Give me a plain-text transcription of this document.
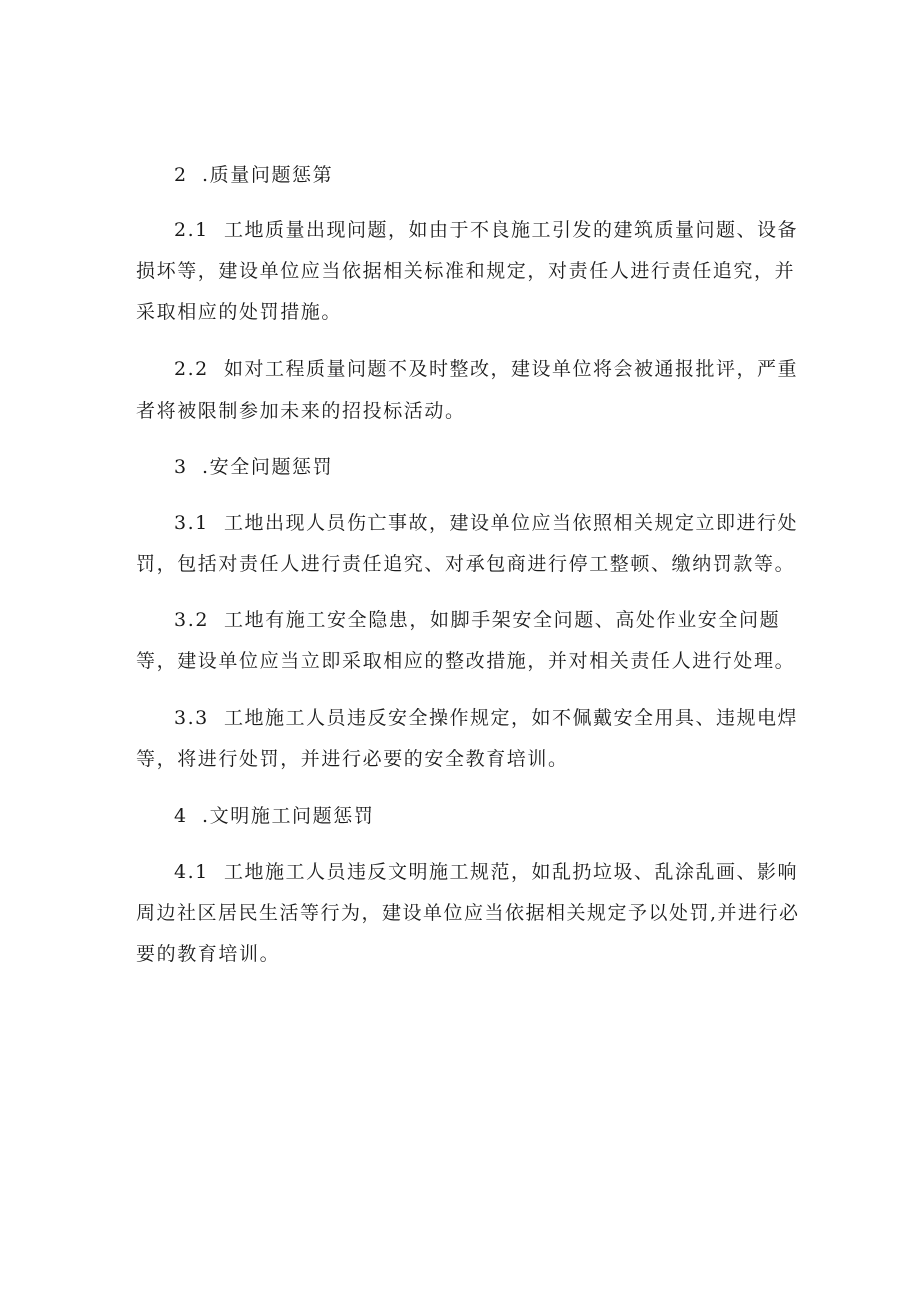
2 .质量问题惩第
2.1 工地质量出现问题，如由于不良施工引发的建筑质量问题、设备
损坏等，建设单位应当依据相关标准和规定，对责任人进行责任追究，并
采取相应的处罚措施。
2.2 如对工程质量问题不及时整改，建设单位将会被通报批评，严重
者将被限制参加未来的招投标活动。
3 .安全问题惩罚
3.1 工地出现人员伤亡事故，建设单位应当依照相关规定立即进行处
罚，包括对责任人进行责任追究、对承包商进行停工整顿、缴纳罚款等。
3.2 工地有施工安全隐患，如脚手架安全问题、高处作业安全问题
等，建设单位应当立即采取相应的整改措施，并对相关责任人进行处理。
3.3 工地施工人员违反安全操作规定，如不佩戴安全用具、违规电焊
等，将进行处罚，并进行必要的安全教育培训。
4 .文明施工问题惩罚
4.1 工地施工人员违反文明施工规范，如乱扔垃圾、乱涂乱画、影响
周边社区居民生活等行为，建设单位应当依据相关规定予以处罚,并进行必
要的教育培训。
